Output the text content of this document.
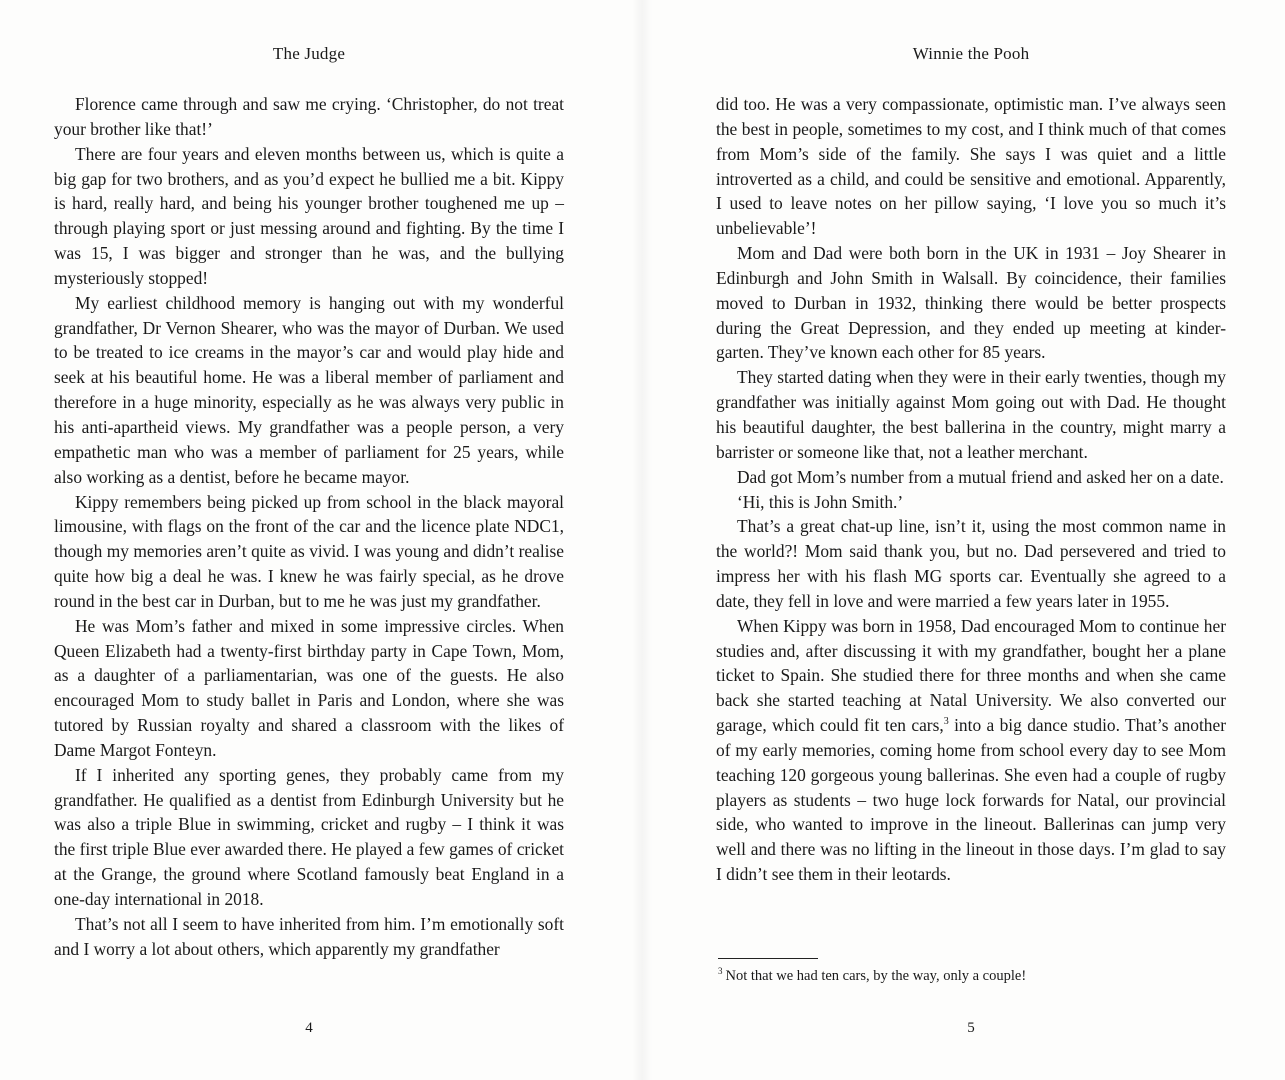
The Judge

Florence came through and saw me crying. ‘Christopher, do not treat your brother like that!’

There are four years and eleven months between us, which is quite a big gap for two brothers, and as you’d expect he bullied me a bit. Kippy is hard, really hard, and being his younger brother toughened me up – through playing sport or just messing around and fighting. By the time I was 15, I was bigger and stronger than he was, and the bullying mysteriously stopped!

My earliest childhood memory is hanging out with my wonderful grandfather, Dr Vernon Shearer, who was the mayor of Durban. We used to be treated to ice creams in the mayor’s car and would play hide and seek at his beautiful home. He was a liberal member of parliament and therefore in a huge minority, especially as he was always very public in his anti-apartheid views. My grandfather was a people person, a very empathetic man who was a member of parliament for 25 years, while also working as a dentist, before he became mayor.

Kippy remembers being picked up from school in the black mayoral limousine, with flags on the front of the car and the licence plate NDC1, though my memories aren’t quite as vivid. I was young and didn’t realise quite how big a deal he was. I knew he was fairly special, as he drove round in the best car in Durban, but to me he was just my grandfather.

He was Mom’s father and mixed in some impressive circles. When Queen Elizabeth had a twenty-first birthday party in Cape Town, Mom, as a daughter of a parliamentarian, was one of the guests. He also encouraged Mom to study ballet in Paris and London, where she was tutored by Russian royalty and shared a classroom with the likes of Dame Margot Fonteyn.

If I inherited any sporting genes, they probably came from my grandfather. He qualified as a dentist from Edinburgh University but he was also a triple Blue in swimming, cricket and rugby – I think it was the first triple Blue ever awarded there. He played a few games of cricket at the Grange, the ground where Scotland famously beat England in a one-day international in 2018.

That’s not all I seem to have inherited from him. I’m emotionally soft and I worry a lot about others, which apparently my grandfather

4
Winnie the Pooh

did too. He was a very compassionate, optimistic man. I’ve always seen the best in people, sometimes to my cost, and I think much of that comes from Mom’s side of the family. She says I was quiet and a little introverted as a child, and could be sensitive and emotional. Apparently, I used to leave notes on her pillow saying, ‘I love you so much it’s unbelievable’!

Mom and Dad were both born in the UK in 1931 – Joy Shearer in Edinburgh and John Smith in Walsall. By coincidence, their families moved to Durban in 1932, thinking there would be better prospects during the Great Depression, and they ended up meeting at kinder-garten. They’ve known each other for 85 years.

They started dating when they were in their early twenties, though my grandfather was initially against Mom going out with Dad. He thought his beautiful daughter, the best ballerina in the country, might marry a barrister or someone like that, not a leather merchant.

Dad got Mom’s number from a mutual friend and asked her on a date.

‘Hi, this is John Smith.’

That’s a great chat-up line, isn’t it, using the most common name in the world?! Mom said thank you, but no. Dad persevered and tried to impress her with his flash MG sports car. Eventually she agreed to a date, they fell in love and were married a few years later in 1955.

When Kippy was born in 1958, Dad encouraged Mom to continue her studies and, after discussing it with my grandfather, bought her a plane ticket to Spain. She studied there for three months and when she came back she started teaching at Natal University. We also converted our garage, which could fit ten cars,$^3$ into a big dance studio. That’s another of my early memories, coming home from school every day to see Mom teaching 120 gorgeous young ballerinas. She even had a couple of rugby players as students – two huge lock forwards for Natal, our provincial side, who wanted to improve in the lineout. Ballerinas can jump very well and there was no lifting in the lineout in those days. I’m glad to say I didn’t see them in their leotards.

$^3$ Not that we had ten cars, by the way, only a couple!
5
